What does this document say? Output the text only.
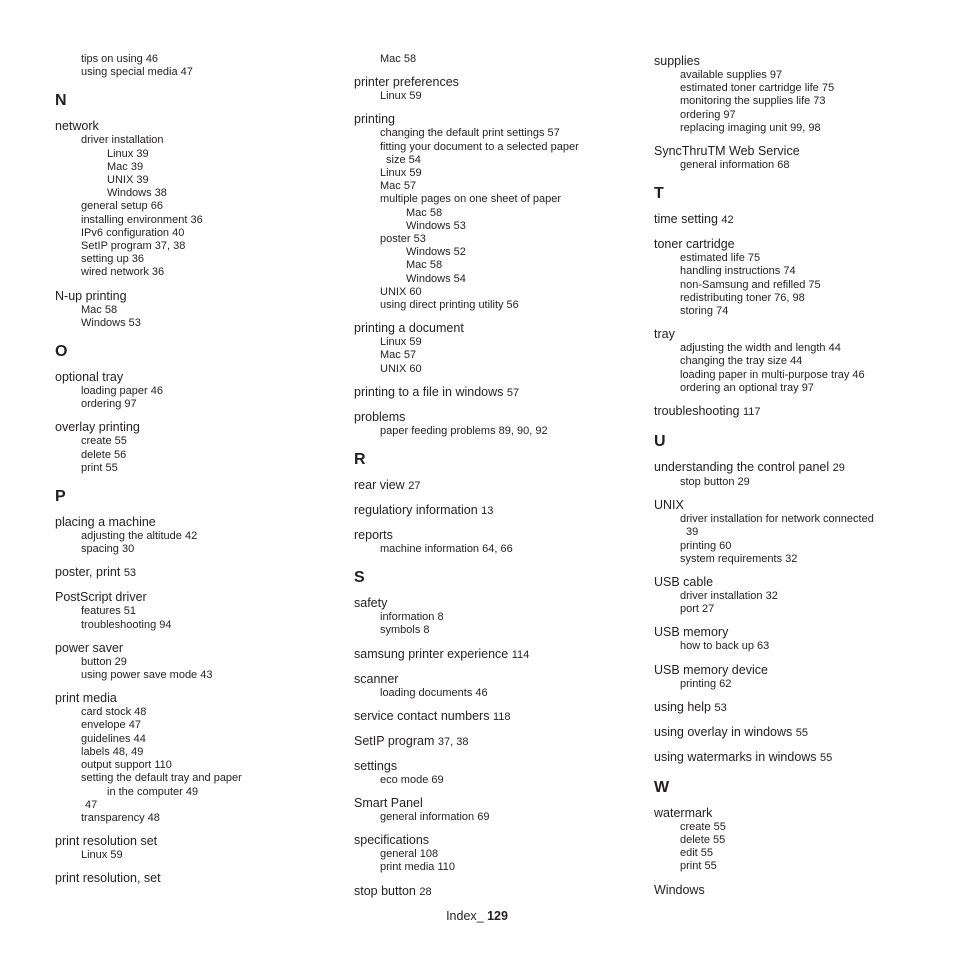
tips on using 46
using special media 47
N
network
driver installation
Linux 39
Mac 39
UNIX 39
Windows 38
general setup 66
installing environment 36
IPv6 configuration 40
SetIP program 37, 38
setting up 36
wired network 36
N-up printing
Mac 58
Windows 53
O
optional tray
loading paper 46
ordering 97
overlay printing
create 55
delete 56
print 55
P
placing a machine
adjusting the altitude 42
spacing 30
poster, print 53
PostScript driver
features 51
troubleshooting 94
power saver
button 29
using power save mode 43
print media
card stock 48
envelope 47
guidelines 44
labels 48, 49
output support 110
setting the default tray and paper
in the computer 49
47
transparency 48
print resolution set
Linux 59
print resolution, set
Mac 58
printer preferences
Linux 59
printing
changing the default print settings 57
fitting your document to a selected paper
size 54
Linux 59
Mac 57
multiple pages on one sheet of paper
Mac 58
Windows 53
poster 53
Windows 52
Mac 58
Windows 54
UNIX 60
using direct printing utility 56
printing a document
Linux 59
Mac 57
UNIX 60
printing to a file in windows 57
problems
paper feeding problems 89, 90, 92
R
rear view 27
regulatiory information 13
reports
machine information 64, 66
S
safety
information 8
symbols 8
samsung printer experience 114
scanner
loading documents 46
service contact numbers 118
SetIP program 37, 38
settings
eco mode 69
Smart Panel
general information 69
specifications
general 108
print media 110
stop button 28
supplies
available supplies 97
estimated toner cartridge life 75
monitoring the supplies life 73
ordering 97
replacing imaging unit 99, 98
SyncThruTM Web Service
general information 68
T
time setting 42
toner cartridge
estimated life 75
handling instructions 74
non-Samsung and refilled 75
redistributing toner 76, 98
storing 74
tray
adjusting the width and length 44
changing the tray size 44
loading paper in multi-purpose tray 46
ordering an optional tray 97
troubleshooting 117
U
understanding the control panel 29
stop button 29
UNIX
driver installation for network connected
39
printing 60
system requirements 32
USB cable
driver installation 32
port 27
USB memory
how to back up 63
USB memory device
printing 62
using help 53
using overlay in windows 55
using watermarks in windows 55
W
watermark
create 55
delete 55
edit 55
print 55
Windows
Index_ 129
